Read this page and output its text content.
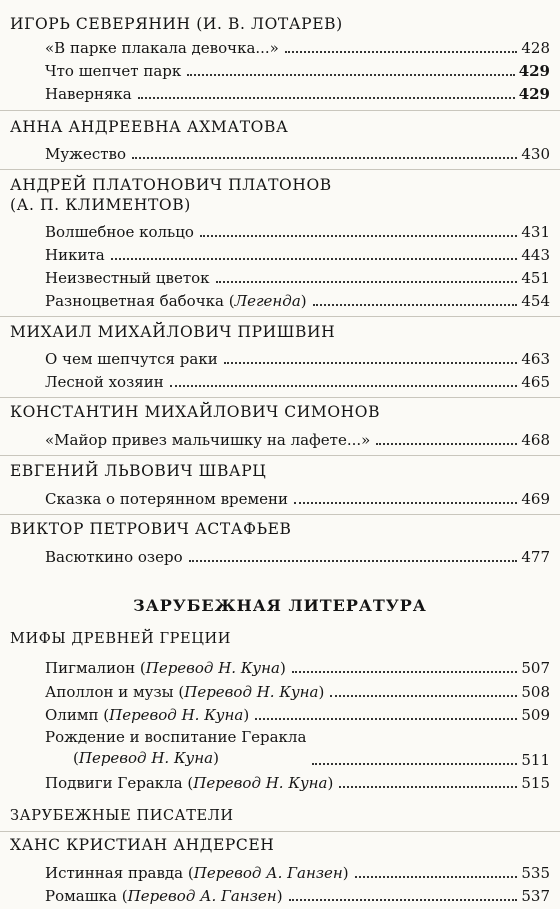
ИГОРЬ СЕВЕРЯНИН (И. В. ЛОТАРЕВ)
«В парке плакала девочка...»	428
Что шепчет парк	429
Наверняка	429
АННА АНДРЕЕВНА АХМАТОВА
Мужество	430
АНДРЕЙ ПЛАТОНОВИЧ ПЛАТОНОВ
(А. П. КЛИМЕНТОВ)
Волшебное кольцо	431
Никита	443
Неизвестный цветок	451
Разноцветная бабочка (Легенда)	454
МИХАИЛ МИХАЙЛОВИЧ ПРИШВИН
О чем шепчутся раки	463
Лесной хозяин	465
КОНСТАНТИН МИХАЙЛОВИЧ СИМОНОВ
«Майор привез мальчишку на лафете...»	468
ЕВГЕНИЙ ЛЬВОВИЧ ШВАРЦ
Сказка о потерянном времени	469
ВИКТОР ПЕТРОВИЧ АСТАФЬЕВ
Васюткино озеро	477
ЗАРУБЕЖНАЯ ЛИТЕРАТУРА
МИФЫ ДРЕВНЕЙ ГРЕЦИИ
Пигмалион (Перевод Н. Куна)	507
Аполлон и музы (Перевод Н. Куна)	508
Олимп (Перевод Н. Куна)	509
Рождение и воспитание Геракла
(Перевод Н. Куна)	511
Подвиги Геракла (Перевод Н. Куна)	515
ЗАРУБЕЖНЫЕ ПИСАТЕЛИ
ХАНС КРИСТИАН АНДЕРСЕН
Истинная правда (Перевод А. Ганзен)	535
Ромашка (Перевод А. Ганзен)	537
